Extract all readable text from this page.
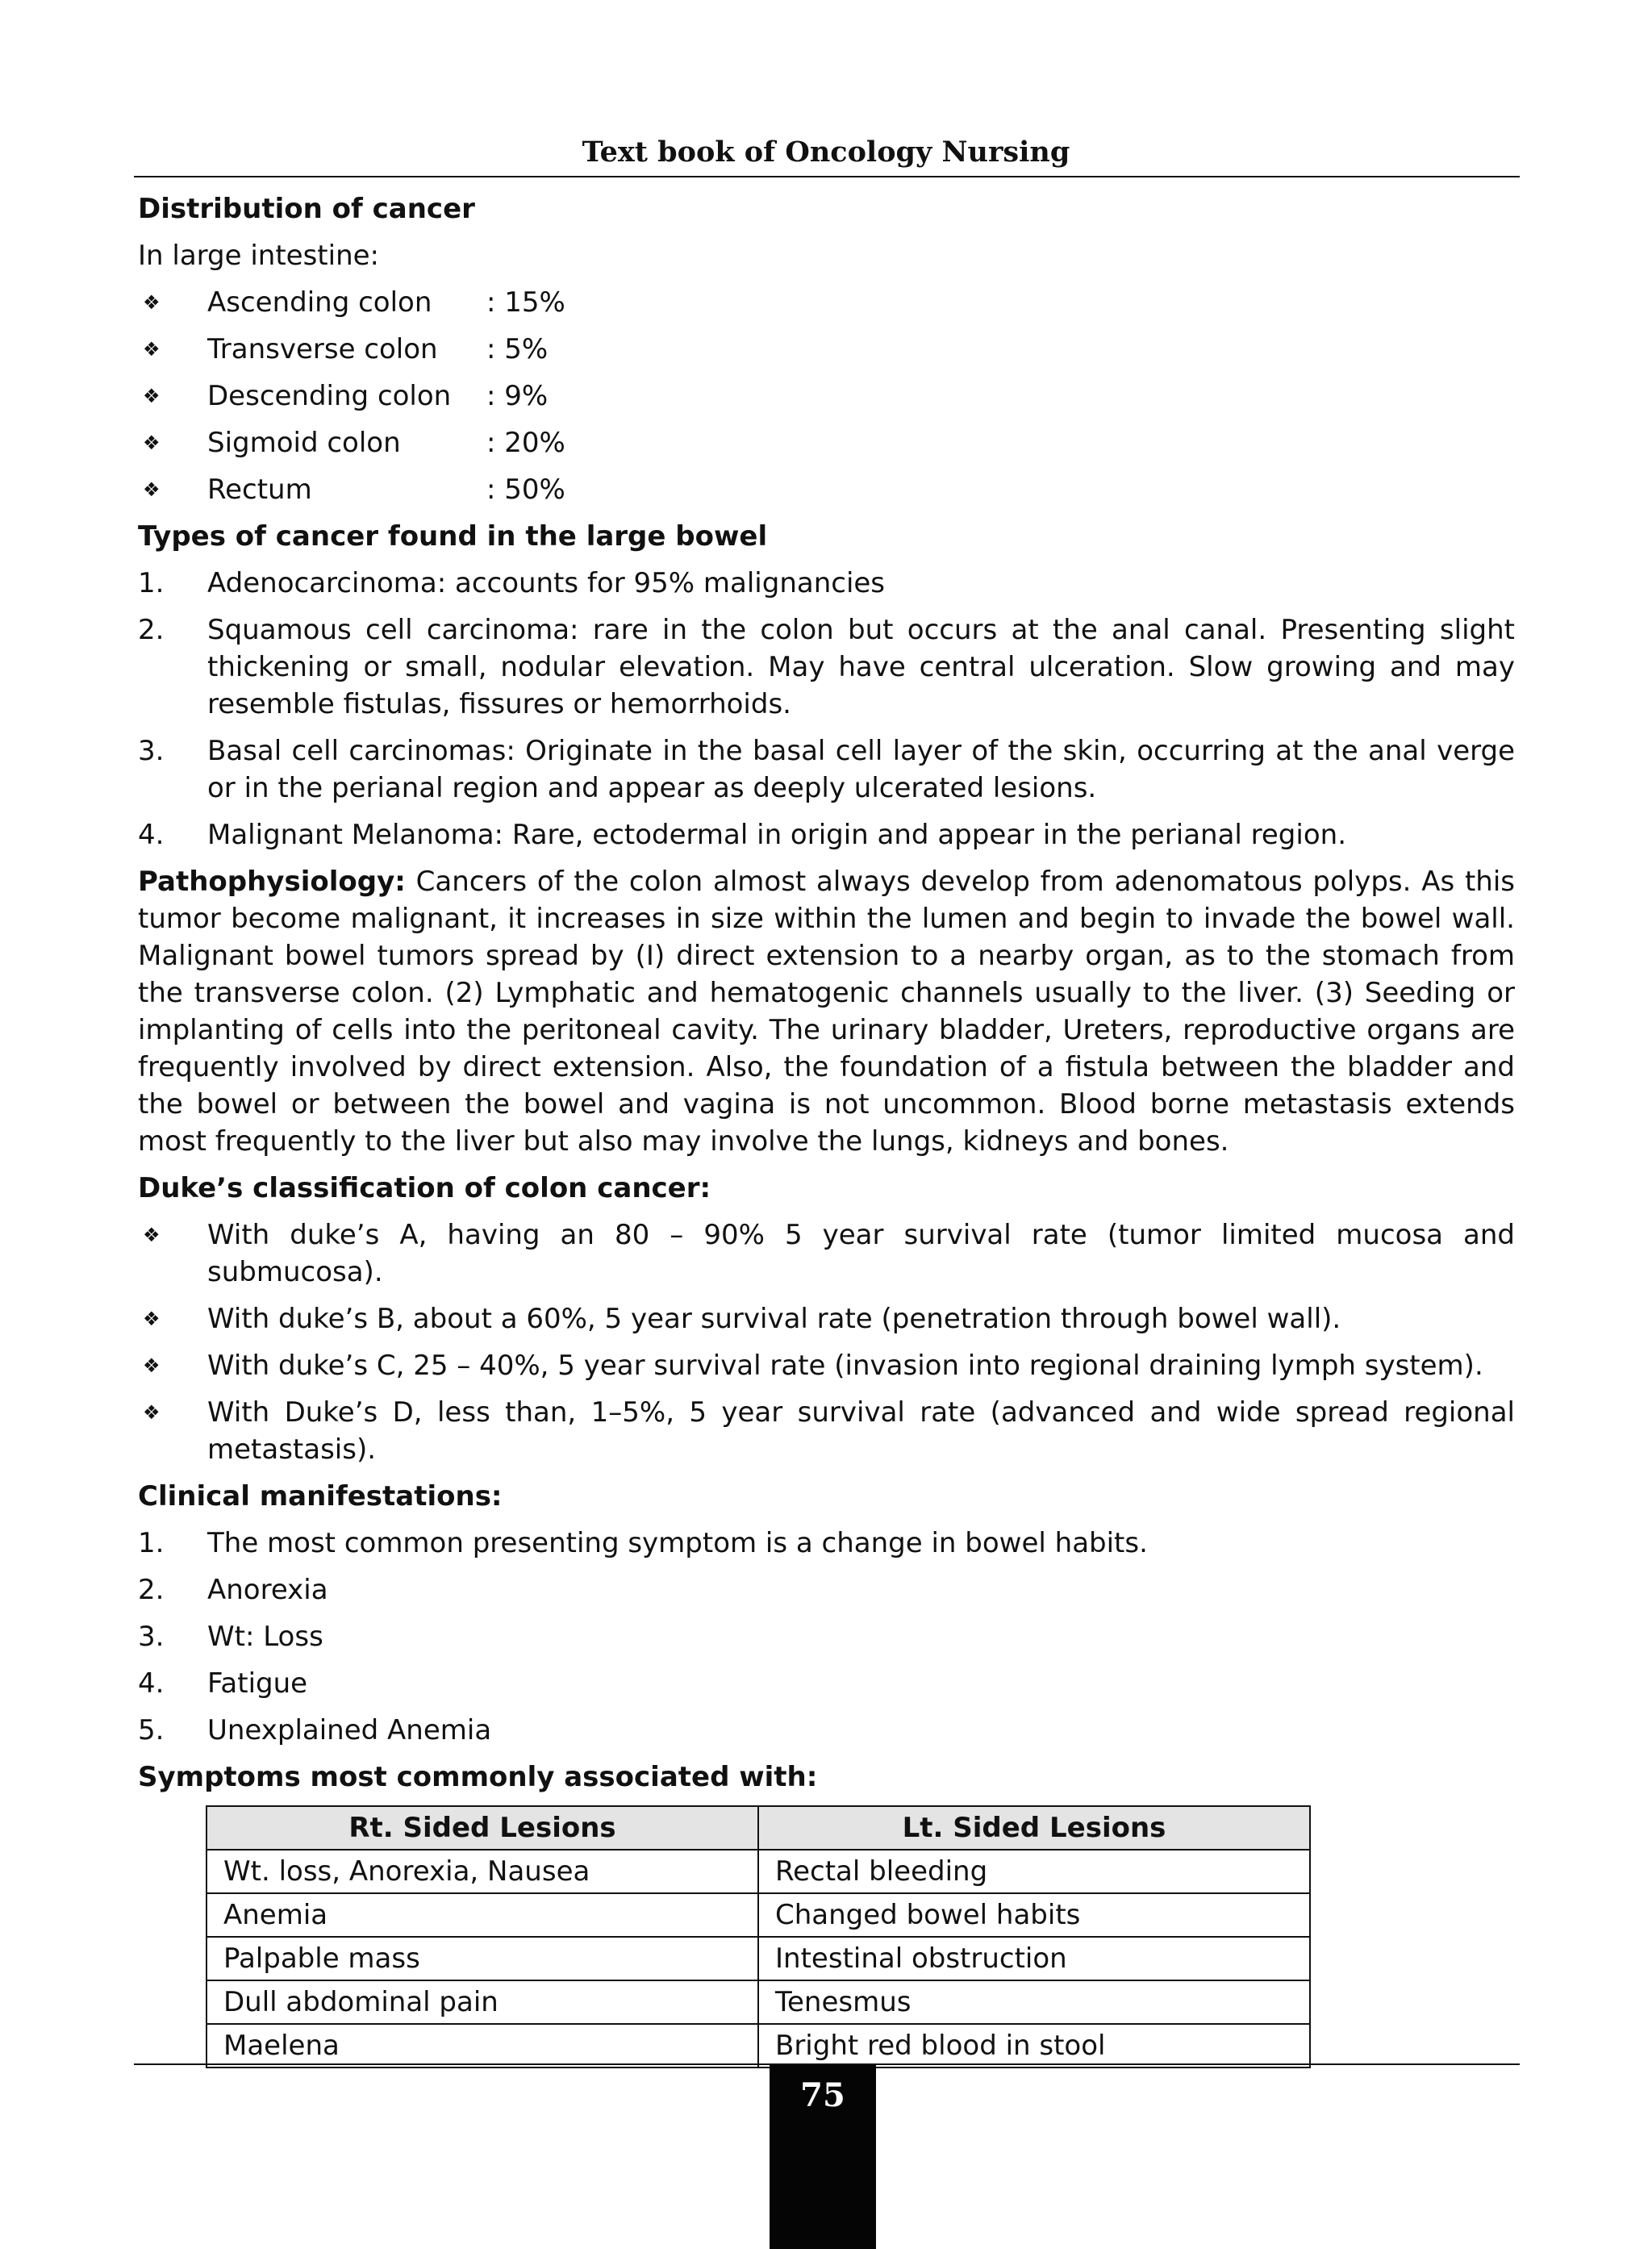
Text book of Oncology Nursing
Distribution of cancer
In large intestine:
❖	Ascending colon	: 15%
❖	Transverse colon	: 5%
❖	Descending colon	: 9%
❖	Sigmoid colon	: 20%
❖	Rectum	: 50%
Types of cancer found in the large bowel
1.	Adenocarcinoma: accounts for 95% malignancies
2.	Squamous cell carcinoma: rare in the colon but occurs at the anal canal. Presenting slight thickening or small, nodular elevation. May have central ulceration. Slow growing and may resemble fistulas, fissures or hemorrhoids.
3.	Basal cell carcinomas: Originate in the basal cell layer of the skin, occurring at the anal verge or in the perianal region and appear as deeply ulcerated lesions.
4.	Malignant Melanoma: Rare, ectodermal in origin and appear in the perianal region.
Pathophysiology: Cancers of the colon almost always develop from adenomatous polyps. As this tumor become malignant, it increases in size within the lumen and begin to invade the bowel wall. Malignant bowel tumors spread by (I) direct extension to a nearby organ, as to the stomach from the transverse colon. (2) Lymphatic and hematogenic channels usually to the liver. (3) Seeding or implanting of cells into the peritoneal cavity. The urinary bladder, Ureters, reproductive organs are frequently involved by direct extension. Also, the foundation of a fistula between the bladder and the bowel or between the bowel and vagina is not uncommon. Blood borne metastasis extends most frequently to the liver but also may involve the lungs, kidneys and bones.
Duke’s classification of colon cancer:
❖	With duke’s A, having an 80 – 90% 5 year survival rate (tumor limited mucosa and submucosa).
❖	With duke’s B, about a 60%, 5 year survival rate (penetration through bowel wall).
❖	With duke’s C, 25 – 40%, 5 year survival rate (invasion into regional draining lymph system).
❖	With Duke’s D, less than, 1–5%, 5 year survival rate (advanced and wide spread regional metastasis).
Clinical manifestations:
1.	The most common presenting symptom is a change in bowel habits.
2.	Anorexia
3.	Wt: Loss
4.	Fatigue
5.	Unexplained Anemia
Symptoms most commonly associated with:
Rt. Sided Lesions	Lt. Sided Lesions
Wt. loss, Anorexia, Nausea	Rectal bleeding
Anemia	Changed bowel habits
Palpable mass	Intestinal obstruction
Dull abdominal pain	Tenesmus
Maelena	Bright red blood in stool
75
